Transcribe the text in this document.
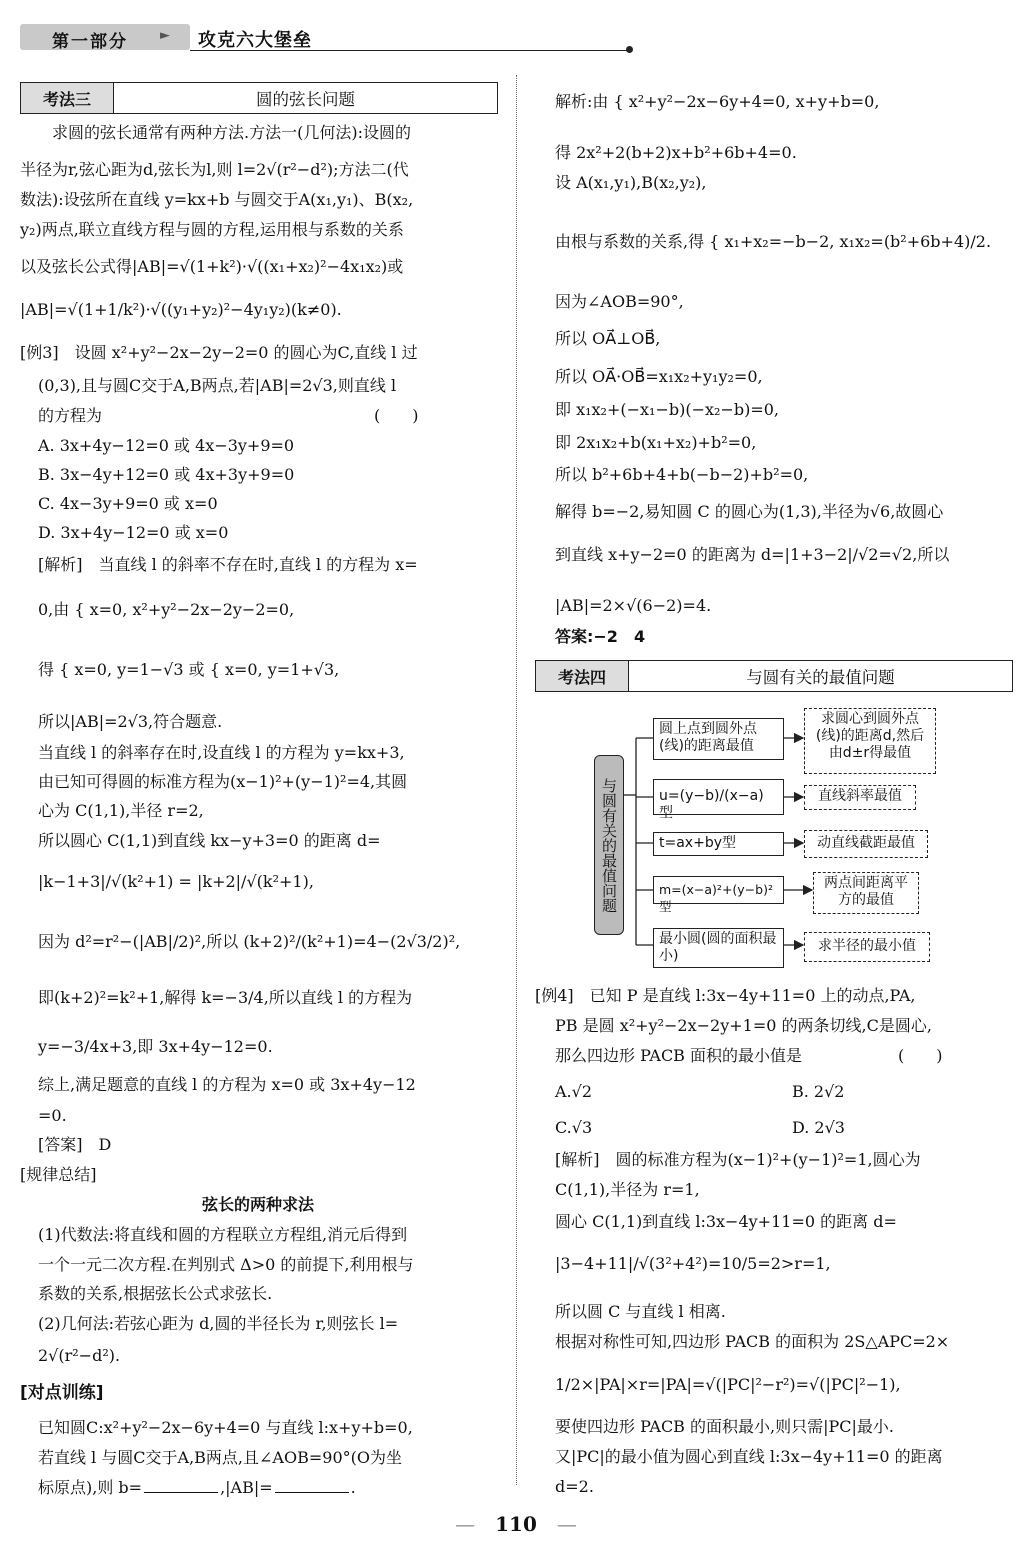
第一部分 ► 攻克六大堡垒
考法三	圆的弦长问题
　　求圆的弦长通常有两种方法.方法一(几何法):设圆的
半径为r,弦心距为d,弦长为l,则 l=2√(r²−d²);方法二(代
数法):设弦所在直线 y=kx+b 与圆交于A(x₁,y₁)、B(x₂,
y₂)两点,联立直线方程与圆的方程,运用根与系数的关系
以及弦长公式得|AB|=√(1+k²)·√((x₁+x₂)²−4x₁x₂)或
|AB|=√(1+1/k²)·√((y₁+y₂)²−4y₁y₂)(k≠0).
[例3]　设圆 x²+y²−2x−2y−2=0 的圆心为C,直线 l 过
(0,3),且与圆C交于A,B两点,若|AB|=2√3,则直线 l
的方程为　　　　　　　　　　　　　　　　　(　　)
A. 3x+4y−12=0 或 4x−3y+9=0
B. 3x−4y+12=0 或 4x+3y+9=0
C. 4x−3y+9=0 或 x=0
D. 3x+4y−12=0 或 x=0
[解析]　当直线 l 的斜率不存在时,直线 l 的方程为 x=
0,由 { x=0, x²+y²−2x−2y−2=0,
得 { x=0, y=1−√3 或 { x=0, y=1+√3,
所以|AB|=2√3,符合题意.
当直线 l 的斜率存在时,设直线 l 的方程为 y=kx+3,
由已知可得圆的标准方程为(x−1)²+(y−1)²=4,其圆
心为 C(1,1),半径 r=2,
所以圆心 C(1,1)到直线 kx−y+3=0 的距离 d=
|k−1+3|/√(k²+1) = |k+2|/√(k²+1),
因为 d²=r²−(|AB|/2)²,所以 (k+2)²/(k²+1)=4−(2√3/2)²,
即(k+2)²=k²+1,解得 k=−3/4,所以直线 l 的方程为
y=−3/4x+3,即 3x+4y−12=0.
综上,满足题意的直线 l 的方程为 x=0 或 3x+4y−12
=0.
[答案]　D
[规律总结]
弦长的两种求法
(1)代数法:将直线和圆的方程联立方程组,消元后得到
一个一元二次方程.在判别式 Δ>0 的前提下,利用根与
系数的关系,根据弦长公式求弦长.
(2)几何法:若弦心距为 d,圆的半径长为 r,则弦长 l=
2√(r²−d²).
[对点训练]
已知圆C:x²+y²−2x−6y+4=0 与直线 l:x+y+b=0,
若直线 l 与圆C交于A,B两点,且∠AOB=90°(O为坐
标原点),则 b=	,|AB|=	.
解析:由 { x²+y²−2x−6y+4=0, x+y+b=0,
得 2x²+2(b+2)x+b²+6b+4=0.
设 A(x₁,y₁),B(x₂,y₂),
由根与系数的关系,得 { x₁+x₂=−b−2, x₁x₂=(b²+6b+4)/2.
因为∠AOB=90°,
所以 OA⃗⊥OB⃗,
所以 OA⃗·OB⃗=x₁x₂+y₁y₂=0,
即 x₁x₂+(−x₁−b)(−x₂−b)=0,
即 2x₁x₂+b(x₁+x₂)+b²=0,
所以 b²+6b+4+b(−b−2)+b²=0,
解得 b=−2,易知圆 C 的圆心为(1,3),半径为√6,故圆心
到直线 x+y−2=0 的距离为 d=|1+3−2|/√2=√2,所以
|AB|=2×√(6−2)=4.
答案:−2　4
考法四	与圆有关的最值问题
与圆有关的最值问题
圆上点到圆外点(线)的距离最值
u=(y−b)/(x−a) 型
t=ax+by型
m=(x−a)²+(y−b)²型
最小圆(圆的面积最小)
求圆心到圆外点(线)的距离d,然后由d±r得最值
直线斜率最值
动直线截距最值
两点间距离平方的最值
求半径的最小值
[例4]　已知 P 是直线 l:3x−4y+11=0 上的动点,PA,
PB 是圆 x²+y²−2x−2y+1=0 的两条切线,C是圆心,
那么四边形 PACB 面积的最小值是　　　　　　(　　)
A.√2	B. 2√2
C.√3	D. 2√3
[解析]　圆的标准方程为(x−1)²+(y−1)²=1,圆心为
C(1,1),半径为 r=1,
圆心 C(1,1)到直线 l:3x−4y+11=0 的距离 d=
|3−4+11|/√(3²+4²)=10/5=2>r=1,
所以圆 C 与直线 l 相离.
根据对称性可知,四边形 PACB 的面积为 2S△APC=2×
1/2×|PA|×r=|PA|=√(|PC|²−r²)=√(|PC|²−1),
要使四边形 PACB 的面积最小,则只需|PC|最小.
又|PC|的最小值为圆心到直线 l:3x−4y+11=0 的距离
d=2.
— 110 —
